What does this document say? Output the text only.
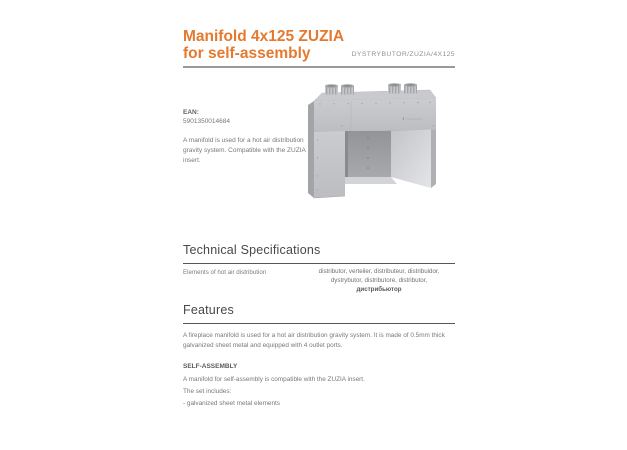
Manifold 4x125 ZUZIA
for self-assembly	DYSTRYBUTOR/ZUZIA/4X125
EAN:
5901350014684

A manifold is used for a hot air distribution gravity system. Compatible with the ZUZIA insert.

Technical Specifications
Elements of hot air distribution	distributor, verteiler, distributeur, distribuidor,
dystrybutor, distributore, distributor,
дистрибьютор
Features

A fireplace manifold is used for a hot air distribution gravity system. It is made of 0.5mm thick galvanized sheet metal and equipped with 4 outlet ports.

SELF-ASSEMBLY

A manifold for self-assembly is compatible with the ZUZIA insert.

The set includes:

- galvanized sheet metal elements
